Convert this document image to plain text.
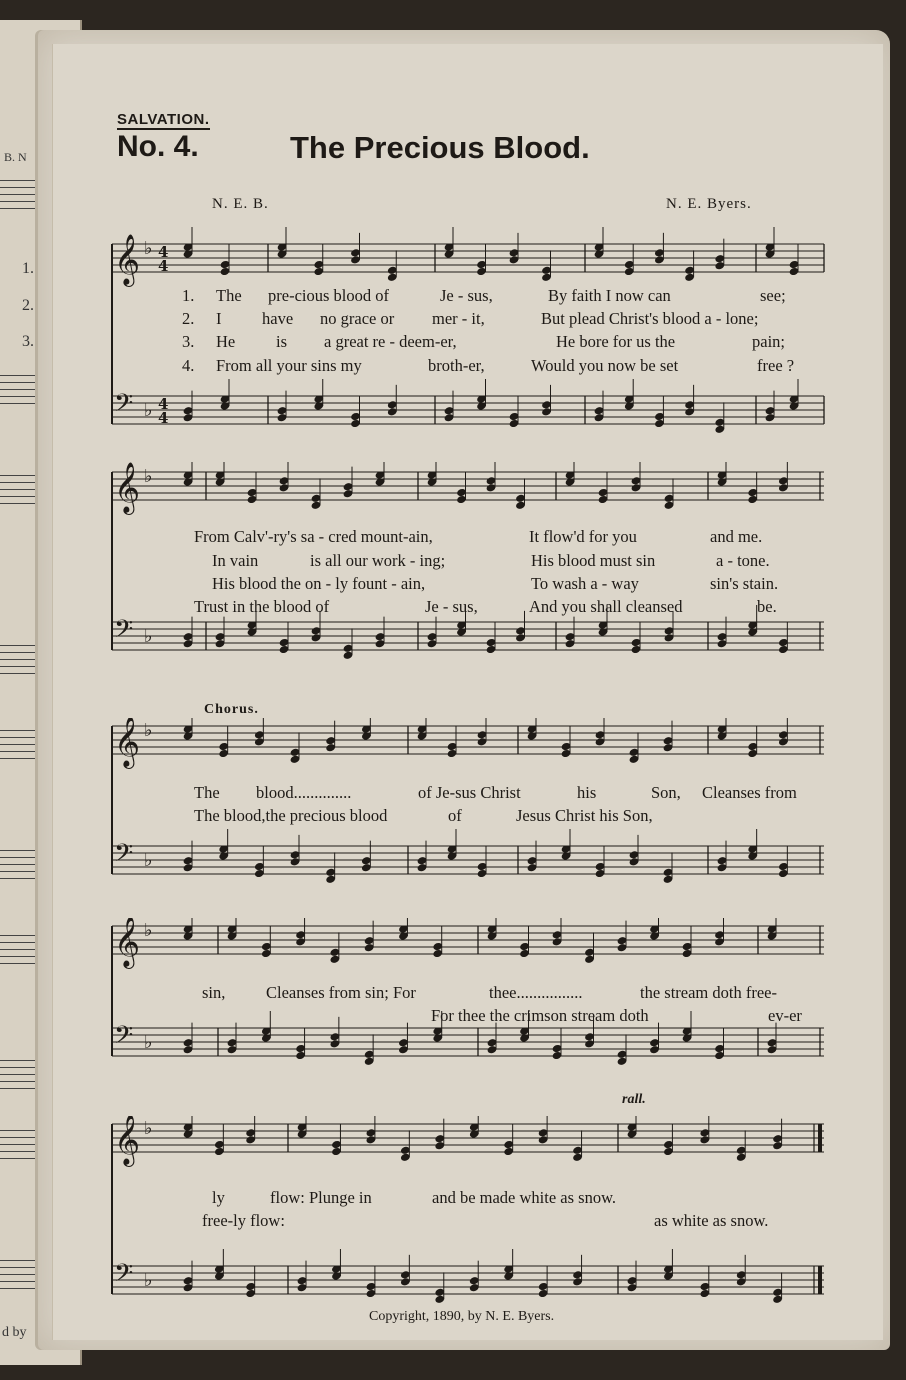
B. N
1.
2.
3.
d by
SALVATION.
No. 4.	The Precious Blood.
N. E. B.	N. E. Byers.
𝄞 ♭ 4
4
𝄢 ♭ 4
4
𝄞 ♭
𝄢 ♭
𝄞 ♭
𝄢 ♭
𝄞 ♭
𝄢 ♭
𝄞 ♭
𝄢 ♭
1. The pre-cious blood of	Je - sus,	By faith I now can	see;
2. I have no grace or mer - it,	But plead Christ's blood a - lone;
3. He is a great re - deem-er,	He bore for us the	pain;
4. From all your sins my	broth-er,	Would you now be set	free ?
From Calv'-ry's sa - cred mount-ain,	It flow'd for you	and me.
In vain	is all our work - ing;	His blood must sin	a - tone.
His blood the on - ly fount - ain,	To wash a - way	sin's stain.
Trust in the blood of	Je - sus,	And you shall cleansed	be.
Chorus.
The blood..............	of Je-sus Christ	his	Son, Cleanses from
The blood,the precious blood	of	Jesus Christ his Son,
sin, Cleanses from sin; For	thee................	the stream doth free-
For thee the crimson stream doth	ev-er
rall.
ly	flow: Plunge in	and be made white as snow.
free-ly flow:	as white as snow.
Copyright, 1890, by N. E. Byers.
